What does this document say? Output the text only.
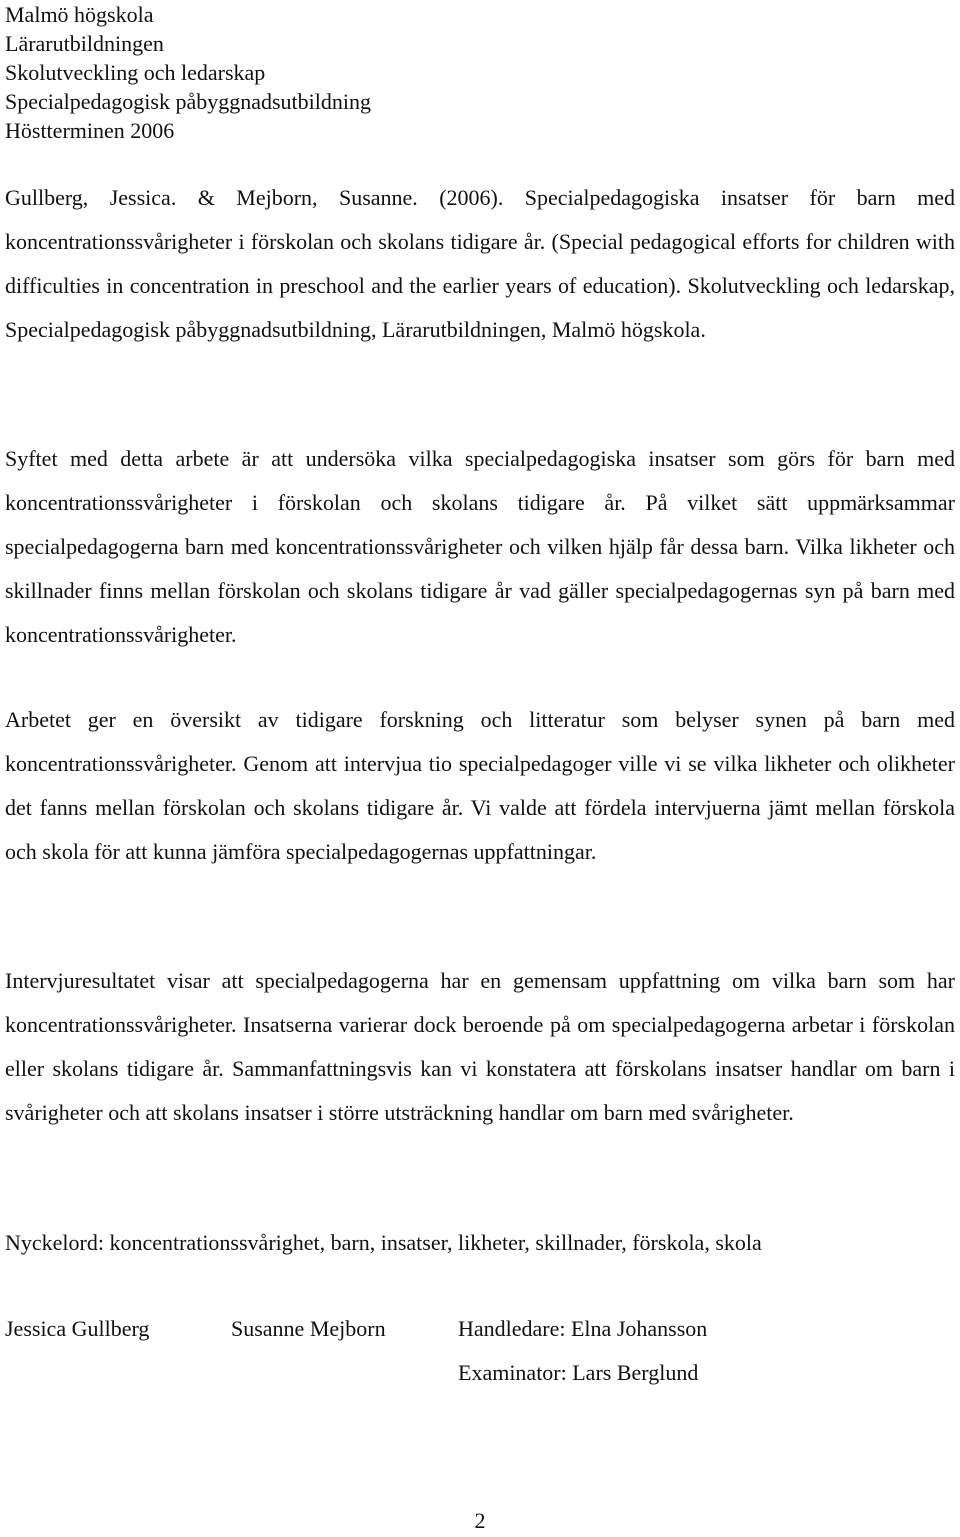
Malmö högskola
Lärarutbildningen
Skolutveckling och ledarskap
Specialpedagogisk påbyggnadsutbildning
Höstterminen 2006

Gullberg, Jessica. & Mejborn, Susanne. (2006). Specialpedagogiska insatser för barn med koncentrationssvårigheter i förskolan och skolans tidigare år. (Special pedagogical efforts for children with difficulties in concentration in preschool and the earlier years of education). Skolutveckling och ledarskap, Specialpedagogisk påbyggnadsutbildning, Lärarutbildningen, Malmö högskola.

Syftet med detta arbete är att undersöka vilka specialpedagogiska insatser som görs för barn med koncentrationssvårigheter i förskolan och skolans tidigare år. På vilket sätt uppmärksammar specialpedagogerna barn med koncentrationssvårigheter och vilken hjälp får dessa barn. Vilka likheter och skillnader finns mellan förskolan och skolans tidigare år vad gäller specialpedagogernas syn på barn med koncentrationssvårigheter.

Arbetet ger en översikt av tidigare forskning och litteratur som belyser synen på barn med koncentrationssvårigheter. Genom att intervjua tio specialpedagoger ville vi se vilka likheter och olikheter det fanns mellan förskolan och skolans tidigare år. Vi valde att fördela intervjuerna jämt mellan förskola och skola för att kunna jämföra specialpedagogernas uppfattningar.

Intervjuresultatet visar att specialpedagogerna har en gemensam uppfattning om vilka barn som har koncentrationssvårigheter. Insatserna varierar dock beroende på om specialpedagogerna arbetar i förskolan eller skolans tidigare år. Sammanfattningsvis kan vi konstatera att förskolans insatser handlar om barn i svårigheter och att skolans insatser i större utsträckning handlar om barn med svårigheter.

Nyckelord: koncentrationssvårighet, barn, insatser, likheter, skillnader, förskola, skola
Jessica Gullberg	Susanne Mejborn	Handledare: Elna Johansson
Examinator: Lars Berglund
2
